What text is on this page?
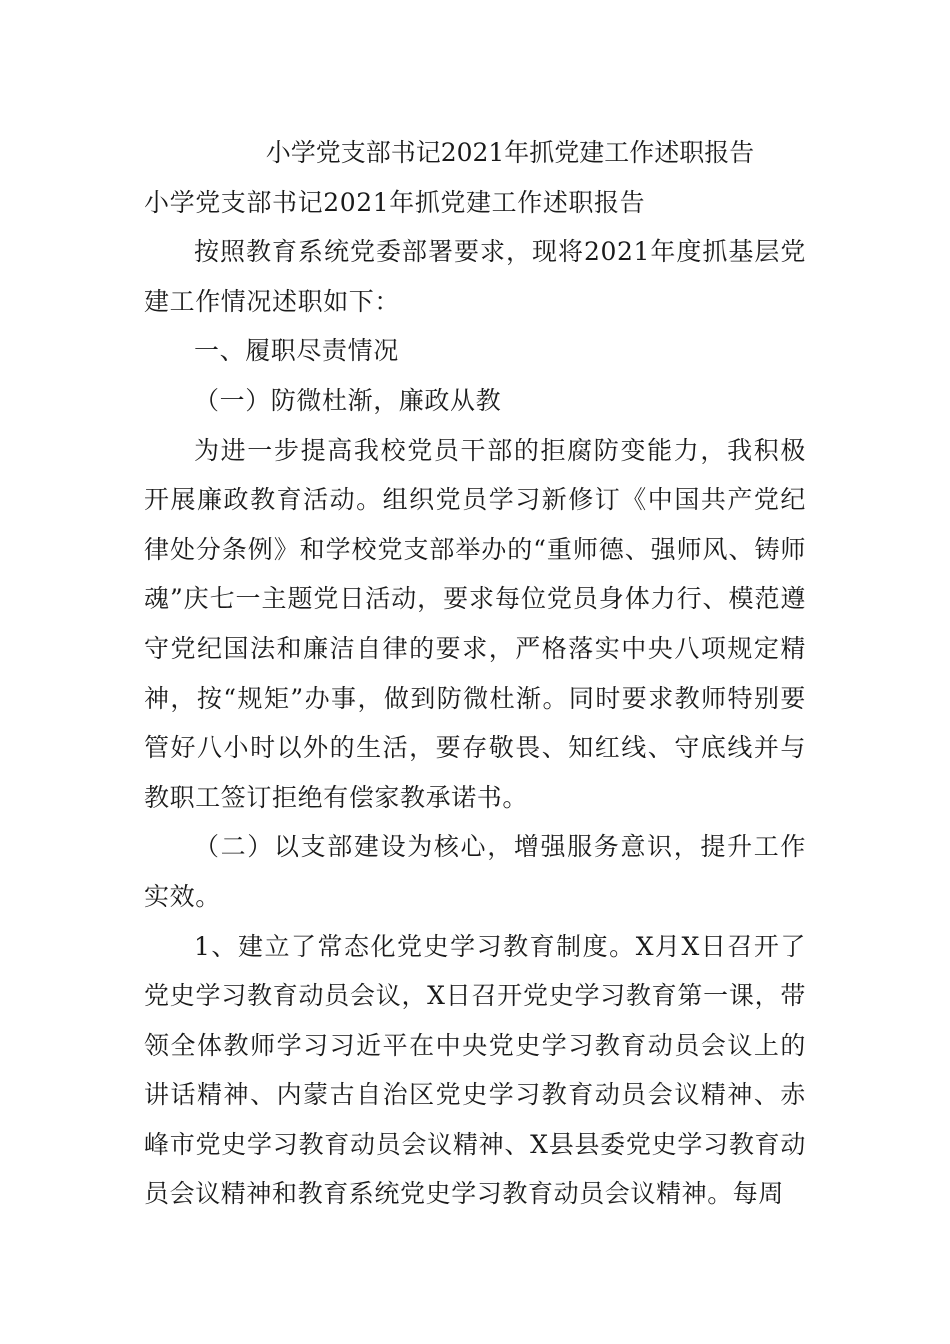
小学党支部书记2021年抓党建工作述职报告

小学党支部书记2021年抓党建工作述职报告

按照教育系统党委部署要求，现将2021年度抓基层党建工作情况述职如下：

一、履职尽责情况

（一）防微杜渐，廉政从教

为进一步提高我校党员干部的拒腐防变能力，我积极开展廉政教育活动。组织党员学习新修订《中国共产党纪律处分条例》和学校党支部举办的“重师德、强师风、铸师魂”庆七一主题党日活动，要求每位党员身体力行、模范遵守党纪国法和廉洁自律的要求，严格落实中央八项规定精神，按“规矩”办事，做到防微杜渐。同时要求教师特别要管好八小时以外的生活，要存敬畏、知红线、守底线并与教职工签订拒绝有偿家教承诺书。

（二）以支部建设为核心，增强服务意识，提升工作实效。

1、建立了常态化党史学习教育制度。X月X日召开了党史学习教育动员会议，X日召开党史学习教育第一课，带领全体教师学习习近平在中央党史学习教育动员会议上的讲话精神、内蒙古自治区党史学习教育动员会议精神、赤峰市党史学习教育动员会议精神、X县县委党史学习教育动员会议精神和教育系统党史学习教育动员会议精神。每周
